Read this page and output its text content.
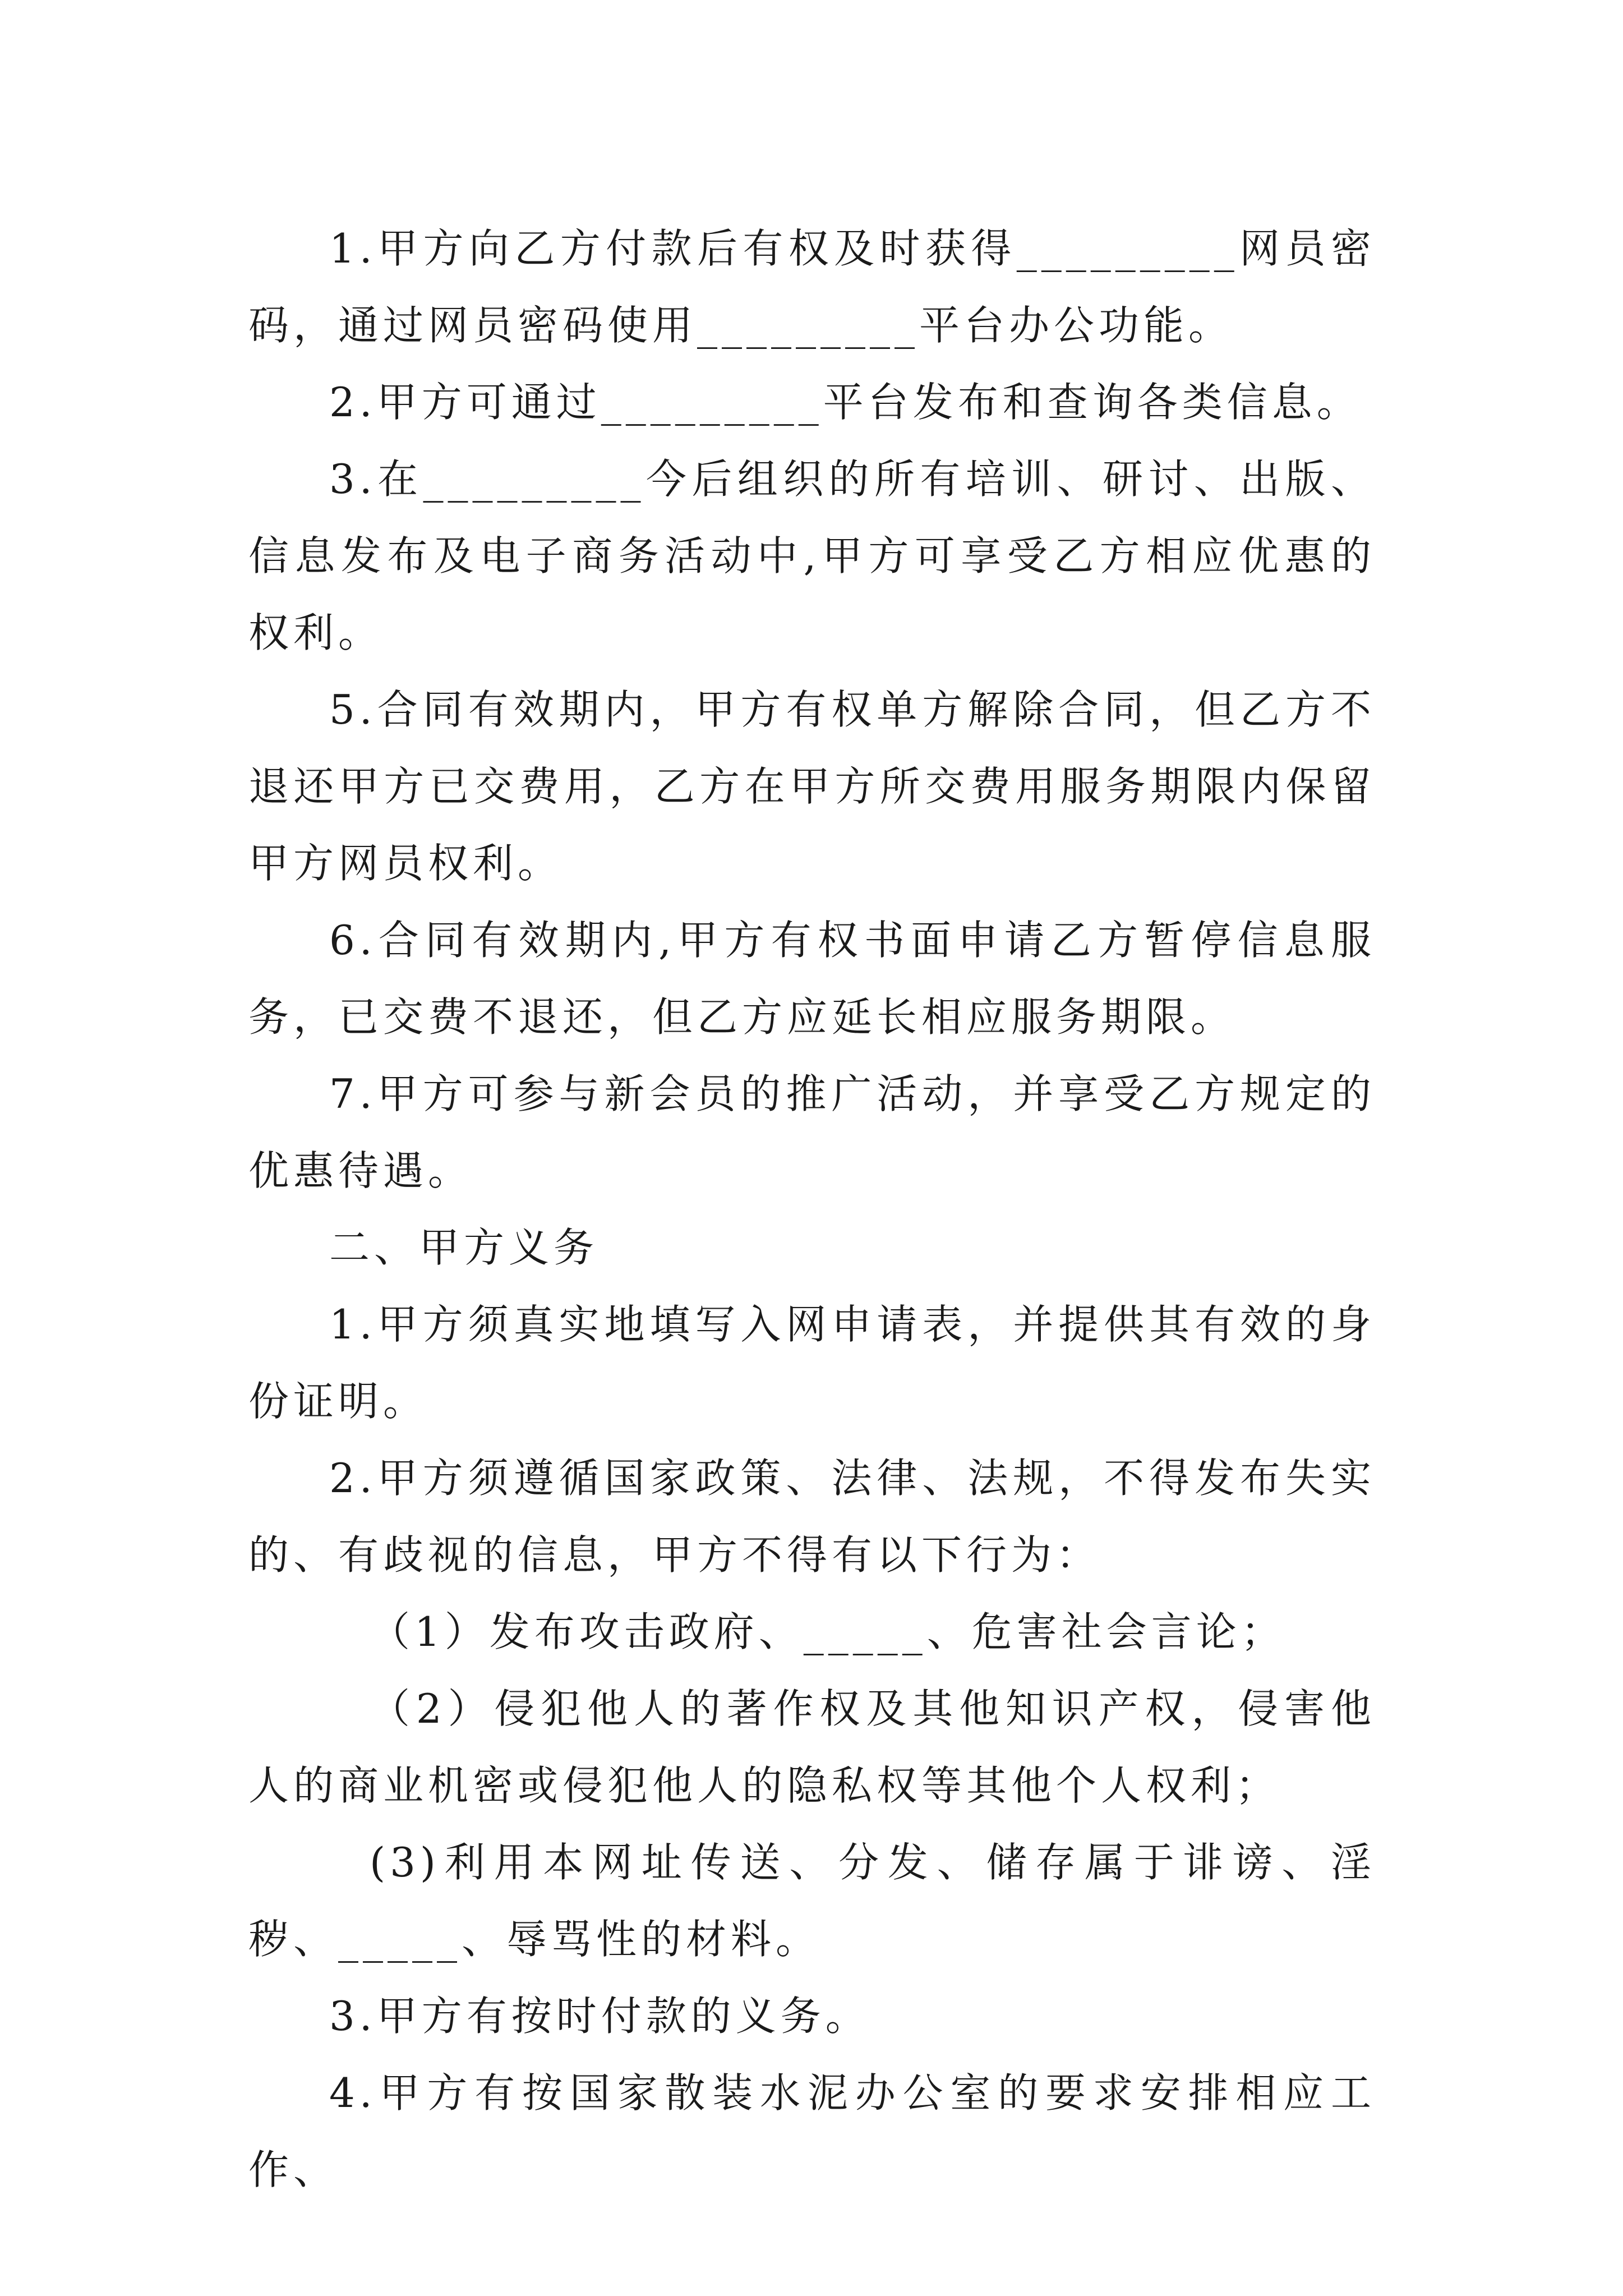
1.甲方向乙方付款后有权及时获得_________网员密码，通过网员密码使用_________平台办公功能。

2.甲方可通过_________平台发布和查询各类信息。

3.在_________今后组织的所有培训、研讨、出版、信息发布及电子商务活动中,甲方可享受乙方相应优惠的权利。

5.合同有效期内，甲方有权单方解除合同，但乙方不退还甲方已交费用，乙方在甲方所交费用服务期限内保留甲方网员权利。

6.合同有效期内,甲方有权书面申请乙方暂停信息服务，已交费不退还，但乙方应延长相应服务期限。

7.甲方可参与新会员的推广活动，并享受乙方规定的优惠待遇。

二、甲方义务

1.甲方须真实地填写入网申请表，并提供其有效的身份证明。

2.甲方须遵循国家政策、法律、法规，不得发布失实的、有歧视的信息，甲方不得有以下行为：

（1）发布攻击政府、_____、危害社会言论；

（2）侵犯他人的著作权及其他知识产权，侵害他人的商业机密或侵犯他人的隐私权等其他个人权利；

(3)利用本网址传送、分发、储存属于诽谤、淫秽、_____、辱骂性的材料。

3.甲方有按时付款的义务。

4.甲方有按国家散装水泥办公室的要求安排相应工作、
